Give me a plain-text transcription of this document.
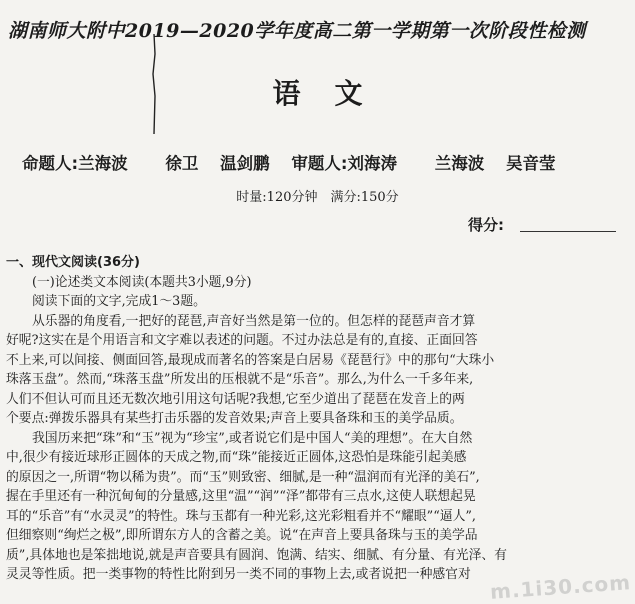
湖南师大附中2019—2020学年度高二第一学期第一次阶段性检测
语文
命题人:兰海波 徐卫 温剑鹏 审题人:刘海涛 兰海波 吴音莹
时量:120分钟　满分:150分
得分:
一、现代文阅读(36分)
(一)论述类文本阅读(本题共3小题,9分)
阅读下面的文字,完成1～3题。
从乐器的角度看,一把好的琵琶,声音好当然是第一位的。但怎样的琵琶声音才算
好呢?这实在是个用语言和文字难以表述的问题。不过办法总是有的,直接、正面回答
不上来,可以间接、侧面回答,最现成而著名的答案是白居易《琵琶行》中的那句“大珠小
珠落玉盘”。然而,“珠落玉盘”所发出的压根就不是“乐音”。那么,为什么一千多年来,
人们不但认可而且还无数次地引用这句话呢?我想,它至少道出了琵琶在发音上的两
个要点:弹拨乐器具有某些打击乐器的发音效果;声音上要具备珠和玉的美学品质。
我国历来把“珠”和“玉”视为“珍宝”,或者说它们是中国人“美的理想”。在大自然
中,很少有接近球形正圆体的天成之物,而“珠”能接近正圆体,这恐怕是珠能引起美感
的原因之一,所谓“物以稀为贵”。而“玉”则致密、细腻,是一种“温润而有光泽的美石”,
握在手里还有一种沉甸甸的分量感,这里“温”“润”“泽”都带有三点水,这使人联想起晃
耳的“乐音”有“水灵灵”的特性。珠与玉都有一种光彩,这光彩粗看并不“耀眼”“逼人”,
但细察则“绚烂之极”,即所谓东方人的含蓄之美。说“在声音上要具备珠与玉的美学品
质”,具体地也是笨拙地说,就是声音要具有圆润、饱满、结实、细腻、有分量、有光泽、有
灵灵等性质。把一类事物的特性比附到另一类不同的事物上去,或者说把一种感官对 m.1i30.com
